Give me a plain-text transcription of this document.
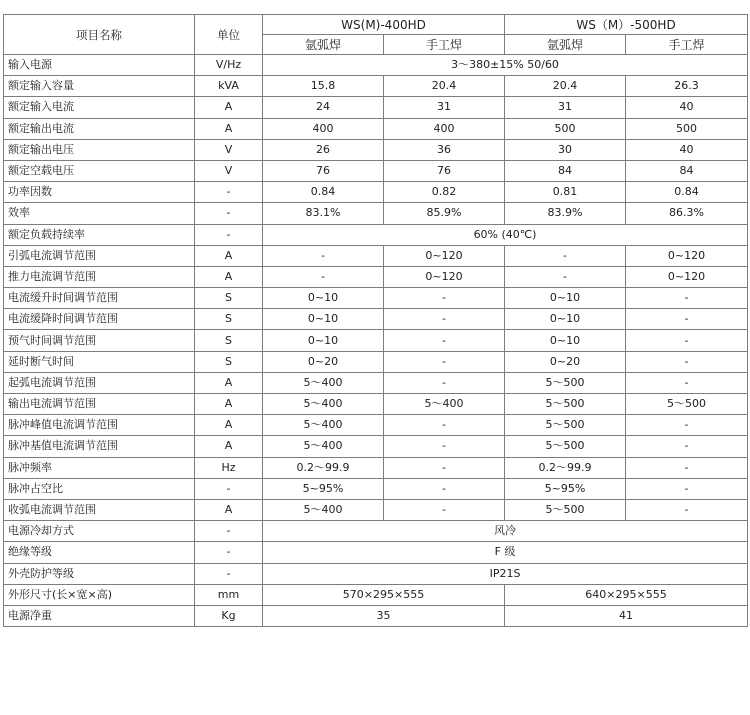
项目名称	单位	WS(M)-400HD		WS（M）-500HD	
		氩弧焊	手工焊	氩弧焊	手工焊
输入电源	V/Hz	3～380±15% 50/60			
额定输入容量	kVA	15.8	20.4	20.4	26.3
额定输入电流	A	24	31	31	40
额定输出电流	A	400	400	500	500
额定输出电压	V	26	36	30	40
额定空载电压	V	76	76	84	84
功率因数	-	0.84	0.82	0.81	0.84
效率	-	83.1%	85.9%	83.9%	86.3%
额定负载持续率	-	60% (40℃)			
引弧电流调节范围	A	-	0~120	-	0~120
推力电流调节范围	A	-	0~120	-	0~120
电流缓升时间调节范围	S	0~10	-	0~10	-
电流缓降时间调节范围	S	0~10	-	0~10	-
预气时间调节范围	S	0~10	-	0~10	-
延时断气时间	S	0~20	-	0~20	-
起弧电流调节范围	A	5～400	-	5～500	-
输出电流调节范围	A	5～400	5～400	5～500	5～500
脉冲峰值电流调节范围	A	5～400	-	5～500	-
脉冲基值电流调节范围	A	5～400	-	5～500	-
脉冲频率	Hz	0.2～99.9	-	0.2～99.9	-
脉冲占空比	-	5~95%	-	5~95%	-
收弧电流调节范围	A	5～400	-	5～500	-
电源冷却方式	-	风冷			
绝缘等级	-	F 级			
外壳防护等级	-	IP21S			
外形尺寸(长×宽×高)	mm	570×295×555		640×295×555	
电源净重	Kg	35		41	
